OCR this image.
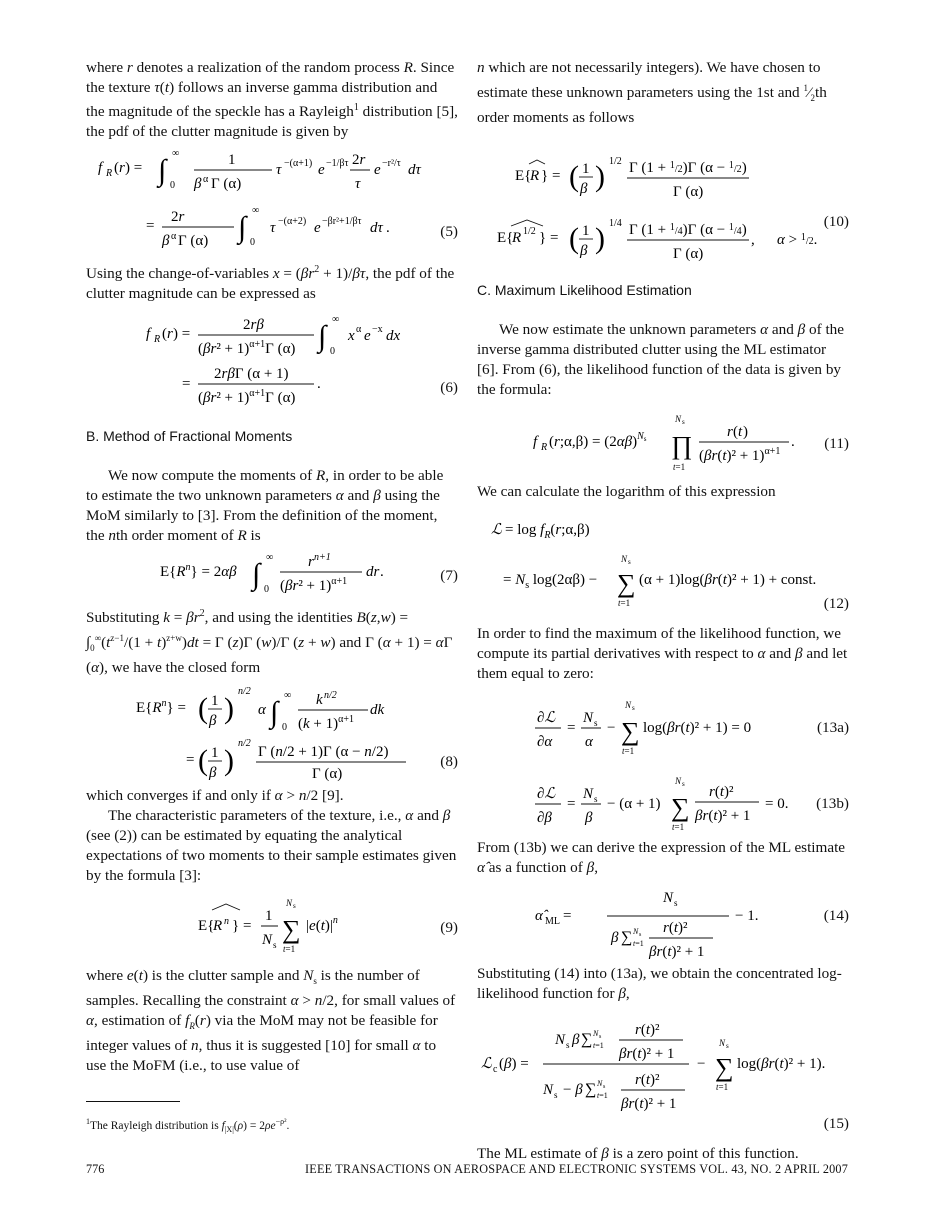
where r denotes a realization of the random process R. Since the texture τ(t) follows an inverse gamma distribution and the magnitude of the speckle has a Rayleigh$^1$ distribution [5], the pdf of the clutter magnitude is given by

f R ( r ) = ∫
∞
0
1
β α Γ (α)
τ −(α+1) e −1/βτ 2r
τ
e −r²/τ dτ
=
2r
β α Γ (α) ∫
∞
0
τ −(α+2) e −βr²+1/βτ dτ .	(5)

Using the change-of-variables $x = (\beta r^2 + 1)/\beta\tau$, the pdf of the clutter magnitude can be expressed as

f R ( r ) =
2rβ
$(\beta r^2 + 1)^{\alpha+1}\Gamma$ (α) ∫
∞
0
x α e −x dx
=
2rβΓ (α + 1)
$(\beta r^2 + 1)^{\alpha+1}\Gamma$ (α)
.	(6)

B. Method of Fractional Moments

We now compute the moments of R, in order to be able to estimate the two unknown parameters α and β using the MoM similarly to [3]. From the definition of the moment, the nth order moment of R is

$E\{R^n\} = 2\alpha\beta$ ∫
∞
0
r n+1
$(\beta r^2 + 1)^{\alpha+1}$
dr .	(7)

Substituting $k = \beta r^2$, and using the identities $B(z,w) = \int_0^\infty(t^{z-1}/(1 + t)^{z+w})dt = \Gamma$ (z)Γ (w)/Γ (z + w) and Γ (α + 1) = αΓ (α), we have the closed form

$E\{R^n\}$ = ( 1
β )
n/2
α ∫
∞
0
k n/2
$(k + 1)^{\alpha+1}$
dk
= ( 1
β )
n/2
Γ (n/2 + 1)Γ (α − n/2)
Γ (α)
(8)

which converges if and only if α > n/2 [9].

The characteristic parameters of the texture, i.e., α and β (see (2)) can be estimated by equating the analytical expectations of two moments to their sample estimates given by the formula [3]:

E{
R n } =
1
N s
N s
∑
t=1
$|e(t)|^n$	(9)

where e(t) is the clutter sample and $N_s$ is the number of samples. Recalling the constraint α > n/2, for small values of α, estimation of $f_R(r)$ via the MoM may not be feasible for integer values of n, thus it is suggested [10] for small α to use the MoFM (i.e., to use value of

n which are not necessarily integers). We have chosen to estimate these unknown parameters using the 1st and $^1⁄_2th$ order moments as follows

E{
R } = ( 1
β ) 1/2 Γ (1 + $^1_{/2}$)Γ (α − $^1_{/2}$)
Γ (α)
E{
R 1/2 } = ( 1
β ) 1/4 Γ (1 + $^1_{/4}$)Γ (α − $^1_{/4}$)
Γ (α)
, α > $^1_{/2}$.
(10)

C. Maximum Likelihood Estimation

We now estimate the unknown parameters α and β of the inverse gamma distributed clutter using the ML estimator [6]. From (6), the likelihood function of the data is given by the formula:

f R (r;α,β) = $(2\alpha\beta)^Ns$
N s
∏
t=1
r ( t )
$(\beta r(t)^2 + 1)^{\alpha+1}$
. (11)

We can calculate the logarithm of this expression

ℒ = $\log f_R(r;\alpha,\beta)$
= $N_s$ log(2αβ) −
N s
∑
t=1
(α + 1)log(βr(t)² + 1) + const.
(12)

In order to find the maximum of the likelihood function, we compute its partial derivatives with respect to α and β and let them equal to zero:

∂ℒ
∂α
=
N s
α
−
N s
∑
t=1
log(βr(t)² + 1) = 0
∂ℒ
∂β
=
N s
β
− (α + 1)
N s
∑
t=1
r(t)²
βr(t)² + 1
= 0.
(13a)
(13b)

From (13b) we can derive the expression of the ML estimate α̂ as a function of β,

α̂ ML =
N s
β ∑ N s
t=1
r(t)²
βr(t)² + 1
− 1.	(14)

Substituting (14) into (13a), we obtain the concentrated log-likelihood function for β,

ℒ c (β) =
N s β ∑ N s
t=1
r(t)²
βr(t)² + 1
N s − β ∑ N s
t=1
r(t)²
βr(t)² + 1
−
N s
∑
t=1
log(βr(t)² + 1).
(15)

The ML estimate of β is a zero point of this function.

$^1$The Rayleigh distribution is $f_{|X|}(\rho) = 2\rho e^{-\rho^2}$.
776	IEEE TRANSACTIONS ON AEROSPACE AND ELECTRONIC SYSTEMS VOL. 43, NO. 2 APRIL 2007
